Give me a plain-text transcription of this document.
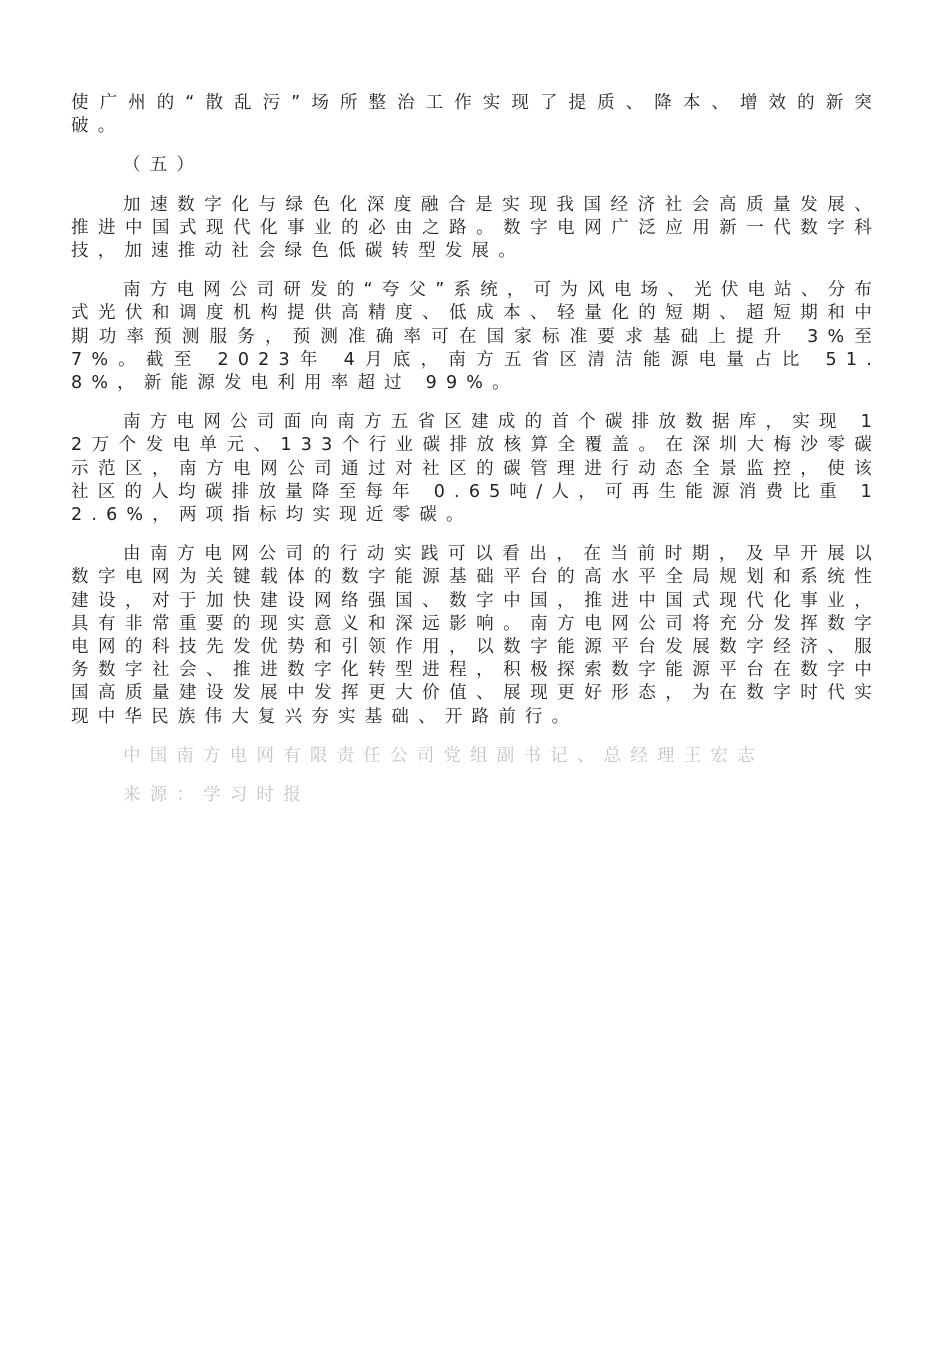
使广州的“散乱污”场所整治工作实现了提质、降本、增效的新突破。

（五）

加速数字化与绿色化深度融合是实现我国经济社会高质量发展、推进中国式现代化事业的必由之路。数字电网广泛应用新一代数字科技，加速推动社会绿色低碳转型发展。

南方电网公司研发的“夸父”系统，可为风电场、光伏电站、分布式光伏和调度机构提供高精度、低成本、轻量化的短期、超短期和中期功率预测服务，预测准确率可在国家标准要求基础上提升 3%至 7%。截至 2023年 4月底，南方五省区清洁能源电量占比 51.8%，新能源发电利用率超过 99%。

南方电网公司面向南方五省区建成的首个碳排放数据库，实现 12万个发电单元、133个行业碳排放核算全覆盖。在深圳大梅沙零碳示范区，南方电网公司通过对社区的碳管理进行动态全景监控，使该社区的人均碳排放量降至每年 0.65吨/人，可再生能源消费比重 12.6%，两项指标均实现近零碳。

由南方电网公司的行动实践可以看出，在当前时期，及早开展以数字电网为关键载体的数字能源基础平台的高水平全局规划和系统性建设，对于加快建设网络强国、数字中国，推进中国式现代化事业，具有非常重要的现实意义和深远影响。南方电网公司将充分发挥数字电网的科技先发优势和引领作用，以数字能源平台发展数字经济、服务数字社会、推进数字化转型进程，积极探索数字能源平台在数字中国高质量建设发展中发挥更大价值、展现更好形态，为在数字时代实现中华民族伟大复兴夯实基础、开路前行。

中国南方电网有限责任公司党组副书记、总经理王宏志

来源：学习时报
